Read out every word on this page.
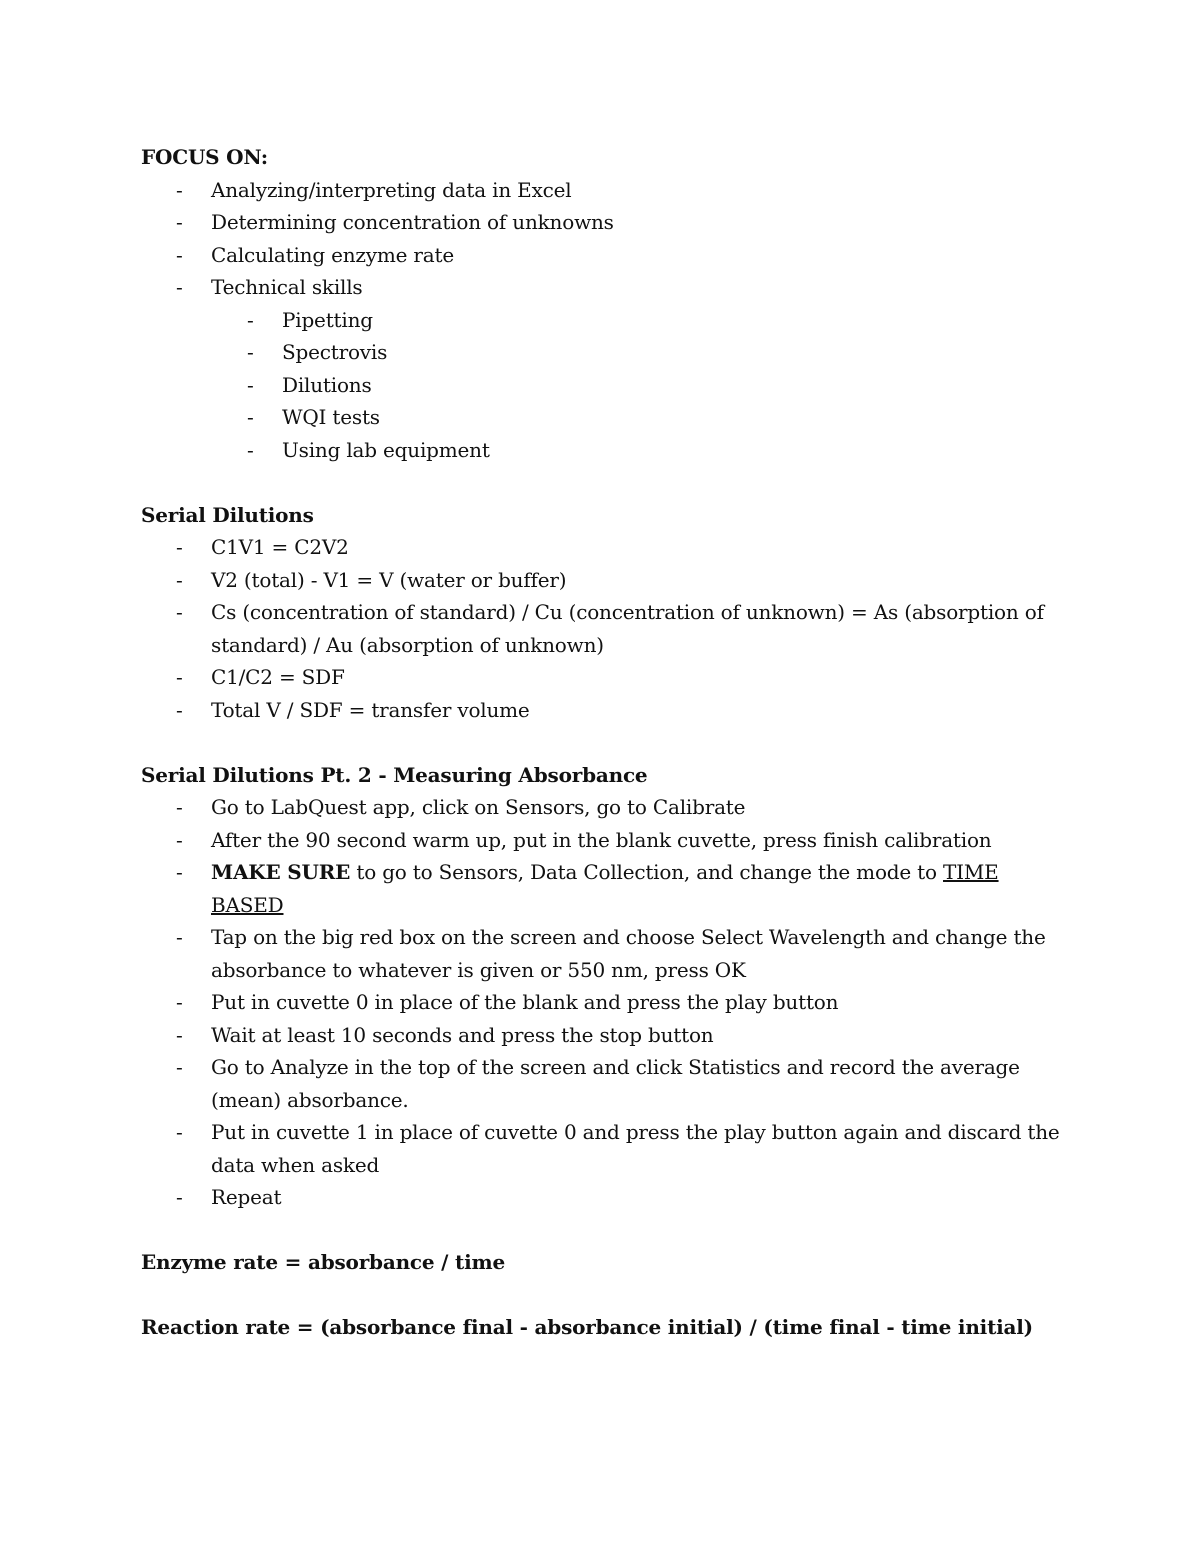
FOCUS ON:

- Analyzing/interpreting data in Excel
- Determining concentration of unknowns
- Calculating enzyme rate
- Technical skills
- Pipetting
- Spectrovis
- Dilutions
- WQI tests
- Using lab equipment

Serial Dilutions

- C1V1 = C2V2
- V2 (total) - V1 = V (water or buffer)
- Cs (concentration of standard) / Cu (concentration of unknown) = As (absorption of standard) / Au (absorption of unknown)
- C1/C2 = SDF
- Total V / SDF = transfer volume

Serial Dilutions Pt. 2 - Measuring Absorbance

- Go to LabQuest app, click on Sensors, go to Calibrate
- After the 90 second warm up, put in the blank cuvette, press finish calibration
- MAKE SURE to go to Sensors, Data Collection, and change the mode to TIME BASED
- Tap on the big red box on the screen and choose Select Wavelength and change the absorbance to whatever is given or 550 nm, press OK
- Put in cuvette 0 in place of the blank and press the play button
- Wait at least 10 seconds and press the stop button
- Go to Analyze in the top of the screen and click Statistics and record the average (mean) absorbance.
- Put in cuvette 1 in place of cuvette 0 and press the play button again and discard the data when asked
- Repeat

Enzyme rate = absorbance / time

Reaction rate = (absorbance final - absorbance initial) / (time final - time initial)
